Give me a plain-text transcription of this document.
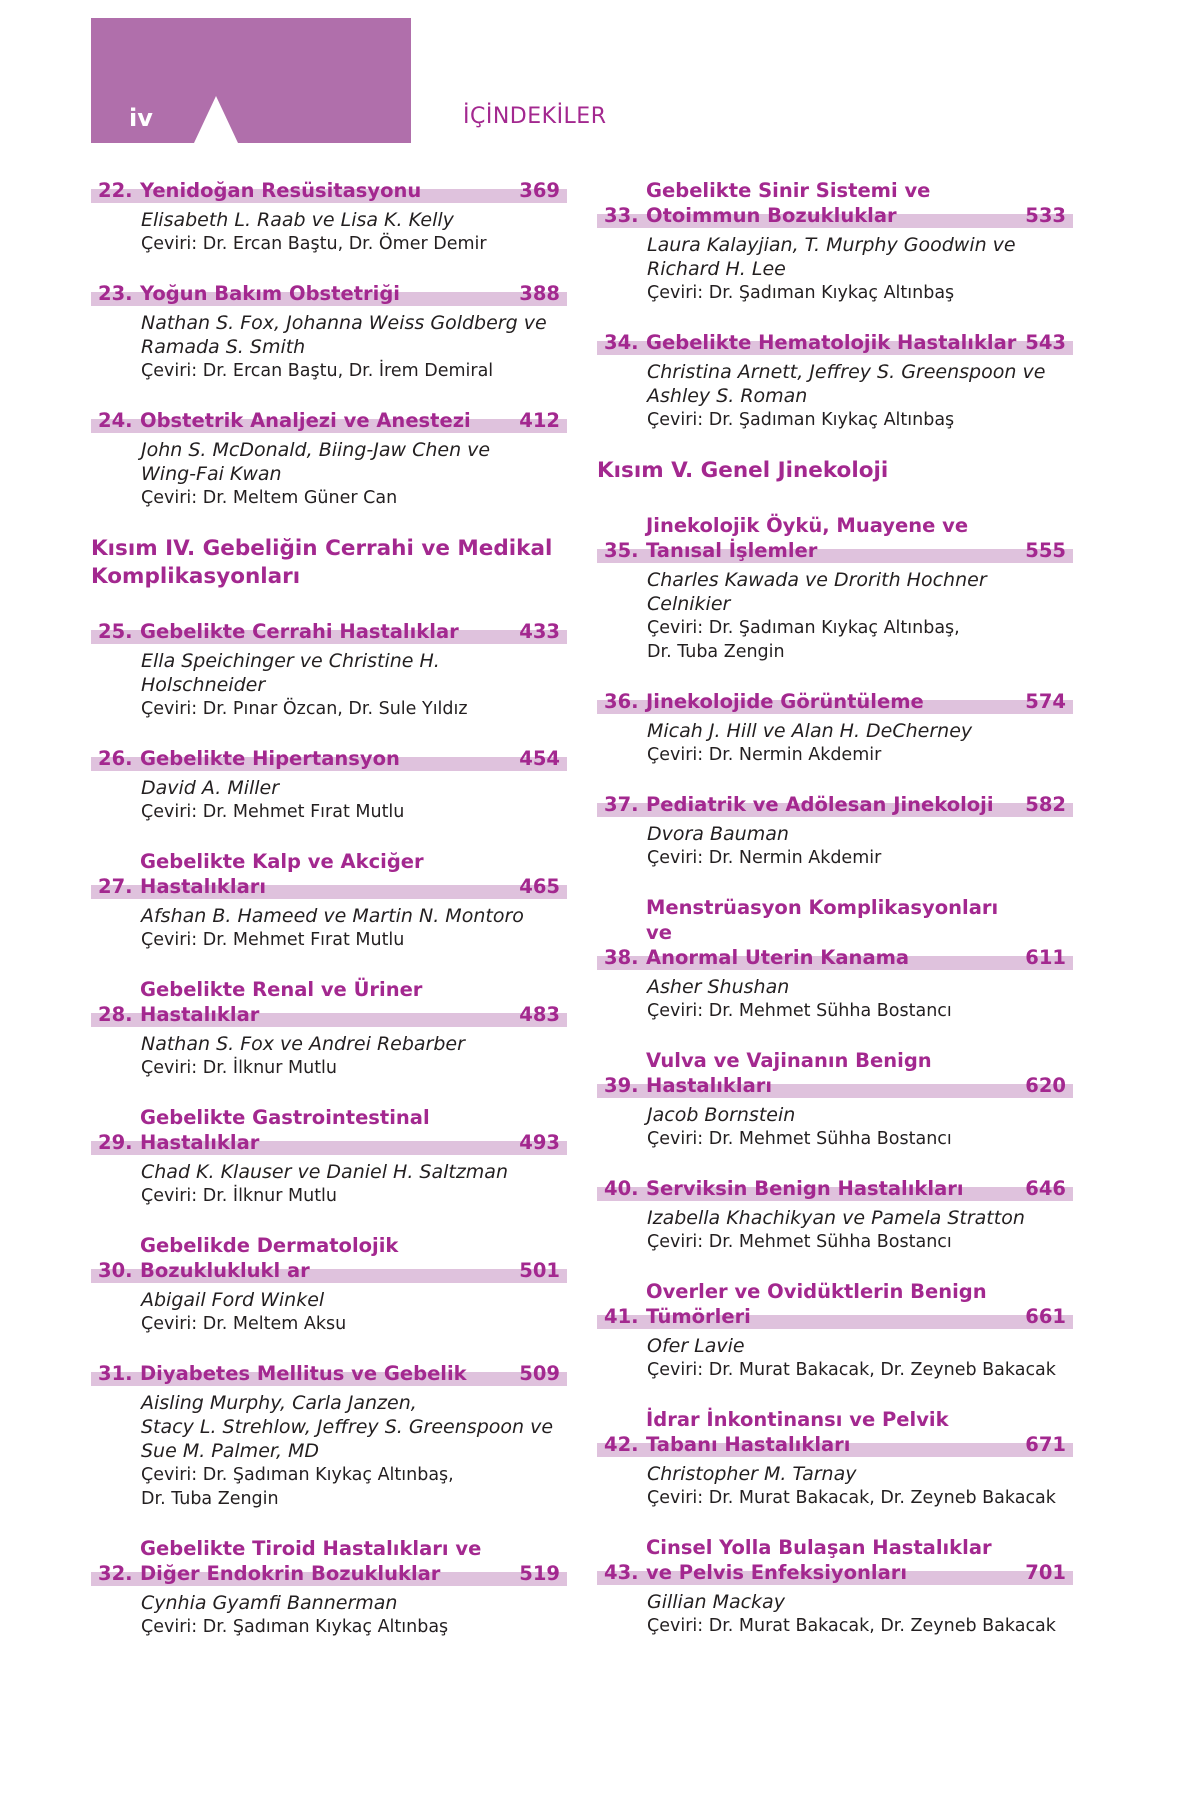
iv	İÇİNDEKİLER
22. Yenidoğan Resüsitasyonu	369
Elisabeth L. Raab ve Lisa K. Kelly
Çeviri: Dr. Ercan Baştu, Dr. Ömer Demir
23. Yoğun Bakım Obstetriği	388
Nathan S. Fox, Johanna Weiss Goldberg ve
Ramada S. Smith
Çeviri: Dr. Ercan Baştu, Dr. İrem Demiral
24. Obstetrik Analjezi ve Anestezi	412
John S. McDonald, Biing-Jaw Chen ve
Wing-Fai Kwan
Çeviri: Dr. Meltem Güner Can
Kısım IV. Gebeliğin Cerrahi ve Medikal
Komplikasyonları
25. Gebelikte Cerrahi Hastalıklar	433
Ella Speichinger ve Christine H. Holschneider
Çeviri: Dr. Pınar Özcan, Dr. Sule Yıldız
26. Gebelikte Hipertansyon	454
David A. Miller
Çeviri: Dr. Mehmet Fırat Mutlu
27.
Gebelikte Kalp ve Akciğer
Hastalıkları	465
Afshan B. Hameed ve Martin N. Montoro
Çeviri: Dr. Mehmet Fırat Mutlu
28.
Gebelikte Renal ve Üriner
Hastalıklar	483
Nathan S. Fox ve Andrei Rebarber
Çeviri: Dr. İlknur Mutlu
29.
Gebelikte Gastrointestinal
Hastalıklar	493
Chad K. Klauser ve Daniel H. Saltzman
Çeviri: Dr. İlknur Mutlu
30.
Gebelikde Dermatolojik
Bozukluklukl ar	501
Abigail Ford Winkel
Çeviri: Dr. Meltem Aksu
31. Diyabetes Mellitus ve Gebelik	509
Aisling Murphy, Carla Janzen,
Stacy L. Strehlow, Jeffrey S. Greenspoon ve
Sue M. Palmer, MD
Çeviri: Dr. Şadıman Kıykaç Altınbaş,
Dr. Tuba Zengin
32.
Gebelikte Tiroid Hastalıkları ve
Diğer Endokrin Bozukluklar	519
Cynhia Gyamfi Bannerman
Çeviri: Dr. Şadıman Kıykaç Altınbaş
33.
Gebelikte Sinir Sistemi ve
Otoimmun Bozukluklar	533
Laura Kalayjian, T. Murphy Goodwin ve
Richard H. Lee
Çeviri: Dr. Şadıman Kıykaç Altınbaş
34. Gebelikte Hematolojik Hastalıklar 543
Christina Arnett, Jeffrey S. Greenspoon ve
Ashley S. Roman
Çeviri: Dr. Şadıman Kıykaç Altınbaş
Kısım V. Genel Jinekoloji
35.
Jinekolojik Öykü, Muayene ve
Tanısal İşlemler	555
Charles Kawada ve Drorith Hochner Celnikier
Çeviri: Dr. Şadıman Kıykaç Altınbaş,
Dr. Tuba Zengin
36. Jinekolojide Görüntüleme	574
Micah J. Hill ve Alan H. DeCherney
Çeviri: Dr. Nermin Akdemir
37. Pediatrik ve Adölesan Jinekoloji	582
Dvora Bauman
Çeviri: Dr. Nermin Akdemir
38.
Menstrüasyon Komplikasyonları ve
Anormal Uterin Kanama	611
Asher Shushan
Çeviri: Dr. Mehmet Sühha Bostancı
39.
Vulva ve Vajinanın Benign
Hastalıkları	620
Jacob Bornstein
Çeviri: Dr. Mehmet Sühha Bostancı
40. Serviksin Benign Hastalıkları	646
Izabella Khachikyan ve Pamela Stratton
Çeviri: Dr. Mehmet Sühha Bostancı
41.
Overler ve Ovidüktlerin Benign
Tümörleri	661
Ofer Lavie
Çeviri: Dr. Murat Bakacak, Dr. Zeyneb Bakacak
42.
İdrar İnkontinansı ve Pelvik
Tabanı Hastalıkları	671
Christopher M. Tarnay
Çeviri: Dr. Murat Bakacak, Dr. Zeyneb Bakacak
43.
Cinsel Yolla Bulaşan Hastalıklar
ve Pelvis Enfeksiyonları	701
Gillian Mackay
Çeviri: Dr. Murat Bakacak, Dr. Zeyneb Bakacak
